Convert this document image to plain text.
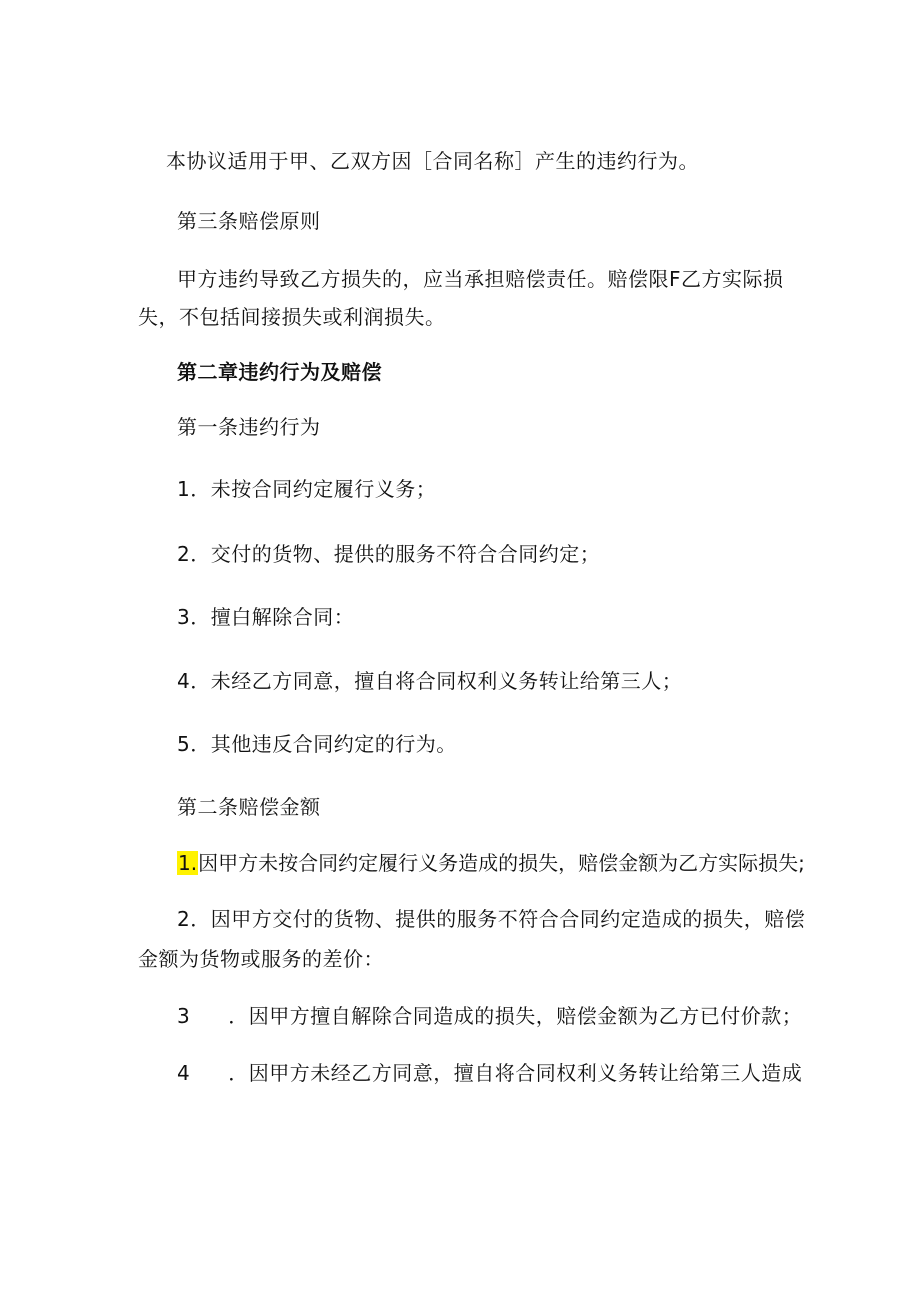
本协议适用于甲、乙双方因［合同名称］产生的违约行为。
第三条赔偿原则
甲方违约导致乙方损失的，应当承担赔偿责任。赔偿限F乙方实际损
失，不包括间接损失或利润损失。
第二章违约行为及赔偿
第一条违约行为
1．未按合同约定履行义务；
2．交付的货物、提供的服务不符合合同约定；
3．擅白解除合同：
4．未经乙方同意，擅自将合同权利义务转让给第三人；
5．其他违反合同约定的行为。
第二条赔偿金额
1.因甲方未按合同约定履行义务造成的损失，赔偿金额为乙方实际损失;
2．因甲方交付的货物、提供的服务不符合合同约定造成的损失，赔偿
金额为货物或服务的差价：
3 ．因甲方擅自解除合同造成的损失，赔偿金额为乙方已付价款；
4 ．因甲方未经乙方同意，擅自将合同权利义务转让给第三人造成
